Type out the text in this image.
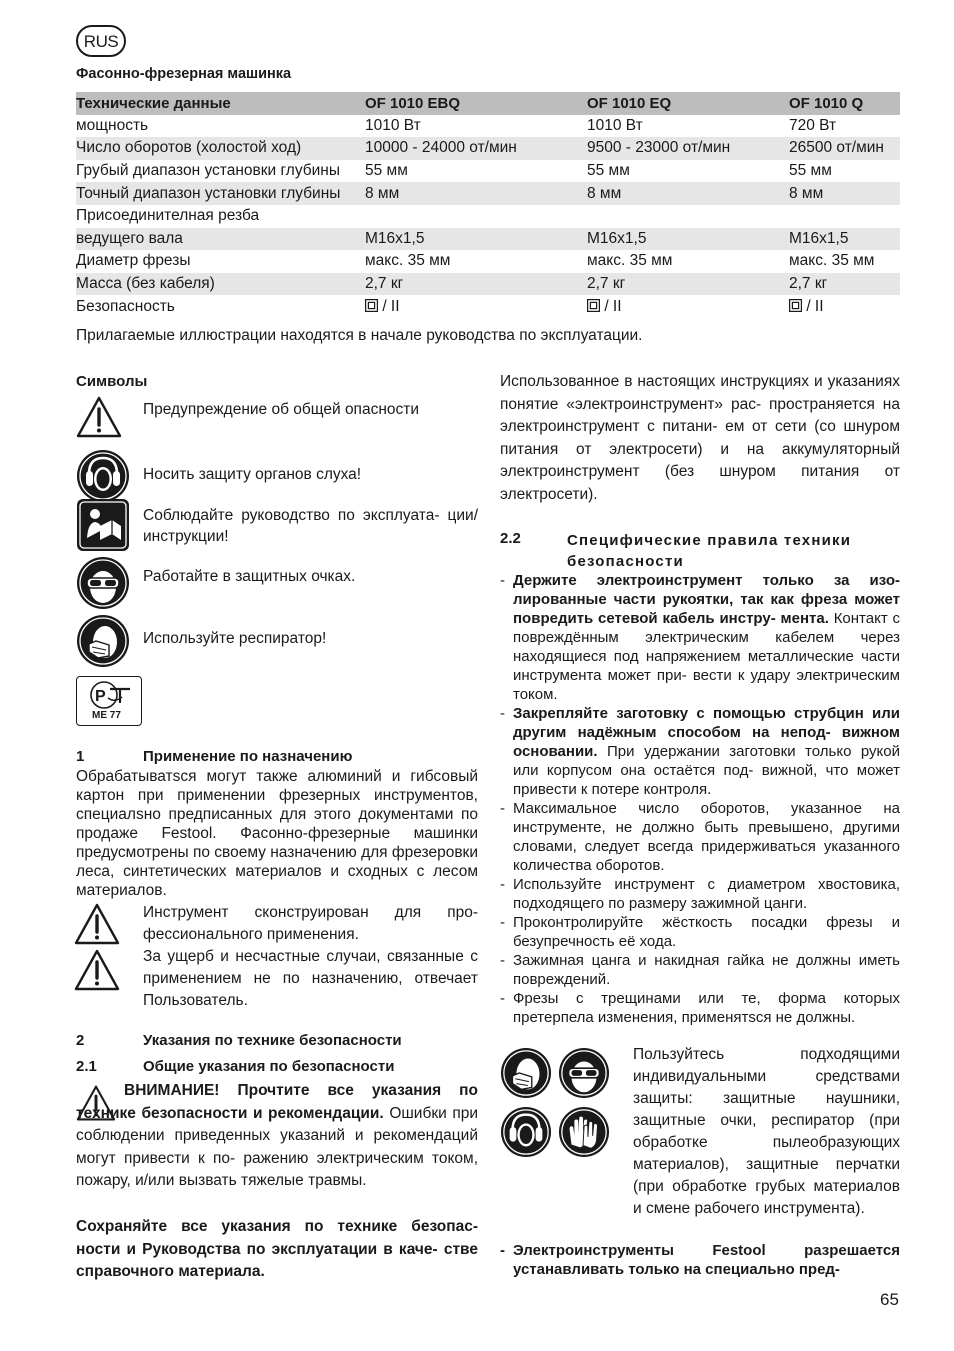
RUS
Фасонно-фрезерная машинка
Технические данные	OF 1010 EBQ	OF 1010 EQ	OF 1010 Q
мощность	1010 Вт	1010 Вт	720 Вт
Число оборотов (холостой ход)	10000 - 24000 от/мин	9500 - 23000 от/мин	26500 от/мин
Грубый диапазон установки глубины	55 мм	55 мм	55 мм
Точный диапазон установки глубины	8 мм	8 мм	8 мм
Присоединителная резба			
ведущего вала	M16x1,5	M16x1,5	M16x1,5
Диаметр фрезы	макс. 35 мм	макс. 35 мм	макс. 35 мм
Масса (без кабеля)	2,7 кг	2,7 кг	2,7 кг
Безопасность	/ II	/ II	/ II
Прилагаемые иллюстрации находятся в начале руководства по эксплуатации.
Символы
Предупреждение об общей опасности
Носить защиту органов слуха!
Соблюдайте руководство по эксплуата- ции/инструкции!
Работайте в защитных очках.
Используйте респиратор!
P
ME 77
1	Применение по назначению
Обрабатыватsся могут также алюминий и гибсовый картон при применении фрезерных инструментов, специалsно предписанных для этого документами по продаже Festool. Фасонно-фрезерные машинки предусмотрены по своему назначению для фрезеровки леса, синтетических материалов и сходных с лесом материалов.
Инструмент сконструирован для про- фессионального применения.
За ущерб и несчастные случаи, связанные с применением не по назначению, отвечает Пользователь.
2	Указания по технике безопасности
2.1	Общие указания по безопасности
ВНИМАНИЕ! Прочтите все указания по технике безопасности и рекомендации. Ошибки при соблюдении приведенных указаний и рекомендаций могут привести к по- ражению электрическим током, пожару, и/или вызвать тяжелые травмы.
Сохраняйте все указания по технике безопас- ности и Руководства по эксплуатации в каче- стве справочного материала.
Использованное в настоящих инструкциях и указаниях понятие «электроинструмент» рас- пространяется на электроинструмент с питани- ем от сети (со шнуром питания от электросети) и на аккумуляторный электроинструмент (без шнуром питания от электросети).
2.2	Специфические правила техники безопасности
- Держите электроинструмент только за изо- лированные части рукоятки, так как фреза может повредить сетевой кабель инстру- мента. Контакт с повреждённым электрическим кабелем через находящиеся под напряжением металлические части инструмента может при- вести к удару электрическим током.
- Закрепляйте заготовку с помощью струбцин или другим надёжным способом на непод- вижном основании. При удержании заготовки только рукой или корпусом она остаётся под- вижной, что может привести к потере контроля.
- Максимальное число оборотов, указанное на инструменте, не должно быть превышено, другими словами, следует всегда придерживаться указанного количества оборотов.
- Используйте инструмент с диаметром хвостовика, подходящего по размеру зажимной цанги.
- Проконтролируйте жёсткость посадки фрезы и безупречность её хода.
- Зажимная цанга и накидная гайка не должны иметь повреждений.
- Фрезы с трещинами или те, форма которых претерпела изменения, применятsся не должны.
Пользуйтесь подходящими индивидуальными средствами защиты: защитные наушники, защитные очки, респиратор (при обработке пылеобразующих материалов), защитные перчатки (при обработке грубых материалов и смене рабочего инструмента).
- Электроинструменты Festool разрешается устанавливать только на специально пред-
65
